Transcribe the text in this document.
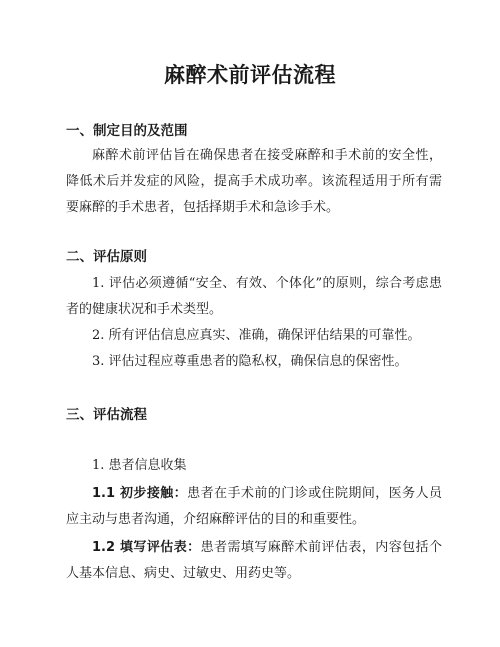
麻醉术前评估流程
一、制定目的及范围

麻醉术前评估旨在确保患者在接受麻醉和手术前的安全性，降低术后并发症的风险，提高手术成功率。该流程适用于所有需要麻醉的手术患者，包括择期手术和急诊手术。

二、评估原则

1. 评估必须遵循“安全、有效、个体化”的原则，综合考虑患者的健康状况和手术类型。

2. 所有评估信息应真实、准确，确保评估结果的可靠性。

3. 评估过程应尊重患者的隐私权，确保信息的保密性。

三、评估流程

1. 患者信息收集

1.1 初步接触：患者在手术前的门诊或住院期间，医务人员应主动与患者沟通，介绍麻醉评估的目的和重要性。

1.2 填写评估表：患者需填写麻醉术前评估表，内容包括个人基本信息、病史、过敏史、用药史等。
